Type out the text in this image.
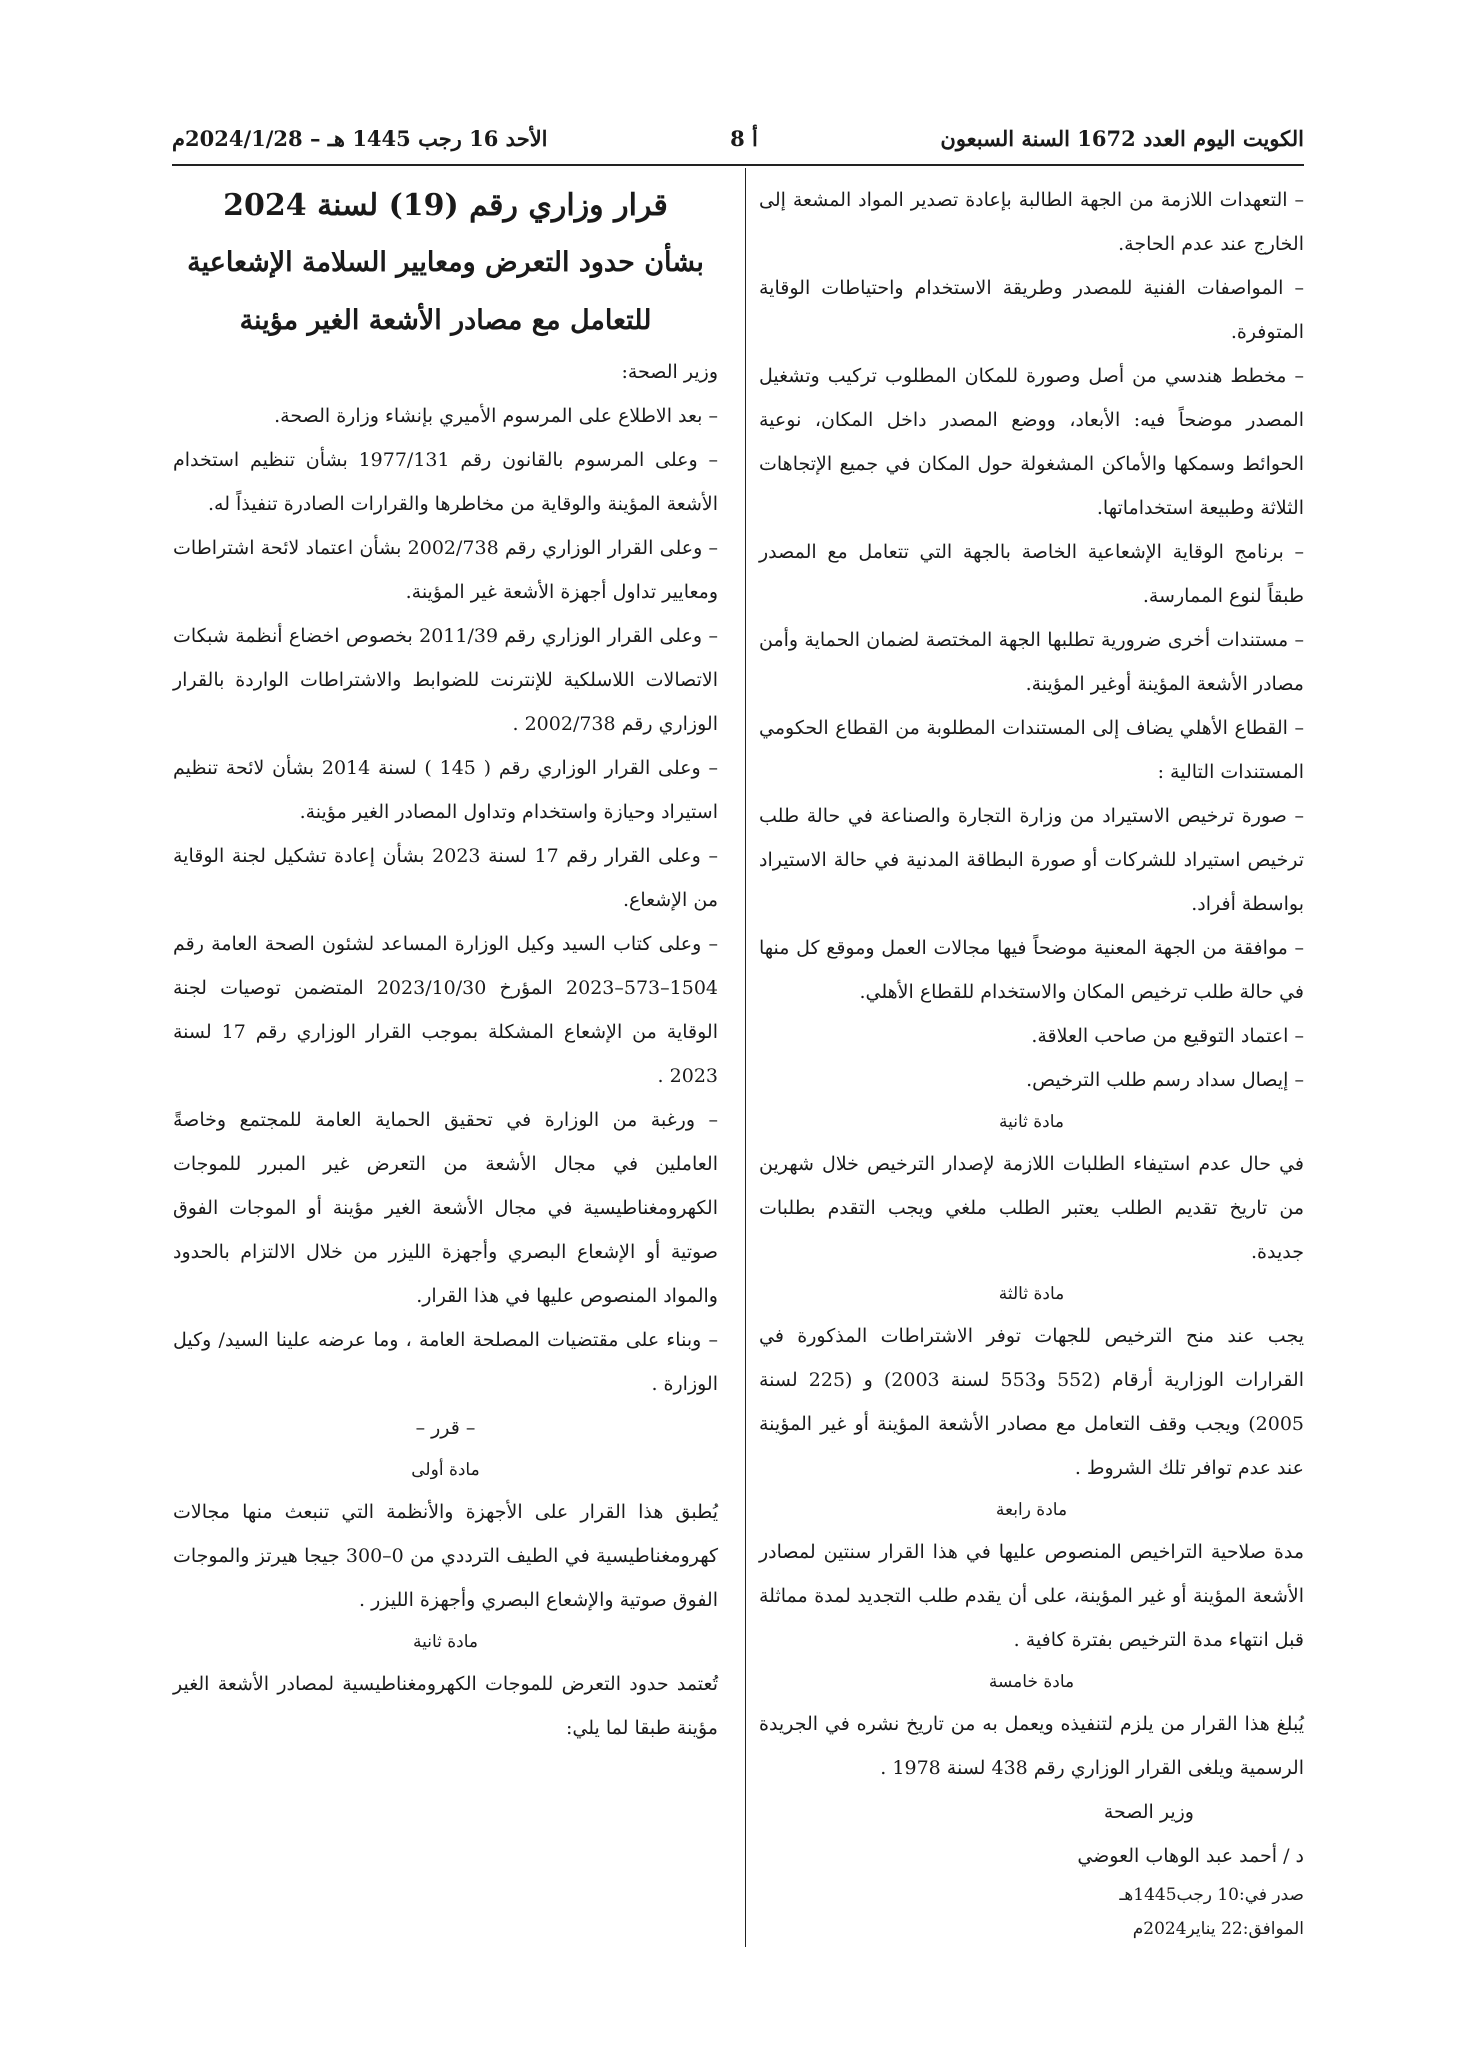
الأحد 16 رجب 1445 هـ – 2024/1/28م	أ 8	الكويت اليوم العدد 1672 السنة السبعون

– التعهدات اللازمة من الجهة الطالبة بإعادة تصدير المواد المشعة إلى الخارج عند عدم الحاجة.

– المواصفات الفنية للمصدر وطريقة الاستخدام واحتياطات الوقاية المتوفرة.

– مخطط هندسي من أصل وصورة للمكان المطلوب تركيب وتشغيل المصدر موضحاً فيه: الأبعاد، ووضع المصدر داخل المكان، نوعية الحوائط وسمكها والأماكن المشغولة حول المكان في جميع الإتجاهات الثلاثة وطبيعة استخداماتها.

– برنامج الوقاية الإشعاعية الخاصة بالجهة التي تتعامل مع المصدر طبقاً لنوع الممارسة.

– مستندات أخرى ضرورية تطلبها الجهة المختصة لضمان الحماية وأمن مصادر الأشعة المؤينة أوغير المؤينة.

– القطاع الأهلي يضاف إلى المستندات المطلوبة من القطاع الحكومي المستندات التالية :

– صورة ترخيص الاستيراد من وزارة التجارة والصناعة في حالة طلب ترخيص استيراد للشركات أو صورة البطاقة المدنية في حالة الاستيراد بواسطة أفراد.

– موافقة من الجهة المعنية موضحاً فيها مجالات العمل وموقع كل منها في حالة طلب ترخيص المكان والاستخدام للقطاع الأهلي.

– اعتماد التوقيع من صاحب العلاقة.

– إيصال سداد رسم طلب الترخيص.

مادة ثانية

في حال عدم استيفاء الطلبات اللازمة لإصدار الترخيص خلال شهرين من تاريخ تقديم الطلب يعتبر الطلب ملغي ويجب التقدم بطلبات جديدة.

مادة ثالثة

يجب عند منح الترخيص للجهات توفر الاشتراطات المذكورة في القرارات الوزارية أرقام (552 و553 لسنة 2003) و (225 لسنة 2005) ويجب وقف التعامل مع مصادر الأشعة المؤينة أو غير المؤينة عند عدم توافر تلك الشروط .

مادة رابعة

مدة صلاحية التراخيص المنصوص عليها في هذا القرار سنتين لمصادر الأشعة المؤينة أو غير المؤينة، على أن يقدم طلب التجديد لمدة مماثلة قبل انتهاء مدة الترخيص بفترة كافية .

مادة خامسة

يُبلغ هذا القرار من يلزم لتنفيذه ويعمل به من تاريخ نشره في الجريدة الرسمية ويلغى القرار الوزاري رقم 438 لسنة 1978 .

وزير الصحة

د / أحمد عبد الوهاب العوضي

صدر في:10 رجب1445هـ

الموافق:22 يناير2024م

قرار وزاري رقم (19) لسنة 2024

بشأن حدود التعرض ومعايير السلامة الإشعاعية

للتعامل مع مصادر الأشعة الغير مؤينة

وزير الصحة:

– بعد الاطلاع على المرسوم الأميري بإنشاء وزارة الصحة.

– وعلى المرسوم بالقانون رقم 1977/131 بشأن تنظيم استخدام الأشعة المؤينة والوقاية من مخاطرها والقرارات الصادرة تنفيذاً له.

– وعلى القرار الوزاري رقم 2002/738 بشأن اعتماد لائحة اشتراطات ومعايير تداول أجهزة الأشعة غير المؤينة.

– وعلى القرار الوزاري رقم 2011/39 بخصوص اخضاع أنظمة شبكات الاتصالات اللاسلكية للإنترنت للضوابط والاشتراطات الواردة بالقرار الوزاري رقم 2002/738 .

– وعلى القرار الوزاري رقم ( 145 ) لسنة 2014 بشأن لائحة تنظيم استيراد وحيازة واستخدام وتداول المصادر الغير مؤينة.

– وعلى القرار رقم 17 لسنة 2023 بشأن إعادة تشكيل لجنة الوقاية من الإشعاع.

– وعلى كتاب السيد وكيل الوزارة المساعد لشئون الصحة العامة رقم 1504–573–2023 المؤرخ 2023/10/30 المتضمن توصيات لجنة الوقاية من الإشعاع المشكلة بموجب القرار الوزاري رقم 17 لسنة 2023 .

– ورغبة من الوزارة في تحقيق الحماية العامة للمجتمع وخاصةً العاملين في مجال الأشعة من التعرض غير المبرر للموجات الكهرومغناطيسية في مجال الأشعة الغير مؤينة أو الموجات الفوق صوتية أو الإشعاع البصري وأجهزة الليزر من خلال الالتزام بالحدود والمواد المنصوص عليها في هذا القرار.

– وبناء على مقتضيات المصلحة العامة ، وما عرضه علينا السيد/ وكيل الوزارة .

– قرر –

مادة أولى

يُطبق هذا القرار على الأجهزة والأنظمة التي تنبعث منها مجالات كهرومغناطيسية في الطيف الترددي من 0–300 جيجا هيرتز والموجات الفوق صوتية والإشعاع البصري وأجهزة الليزر .

مادة ثانية

تُعتمد حدود التعرض للموجات الكهرومغناطيسية لمصادر الأشعة الغير مؤينة طبقا لما يلي:
